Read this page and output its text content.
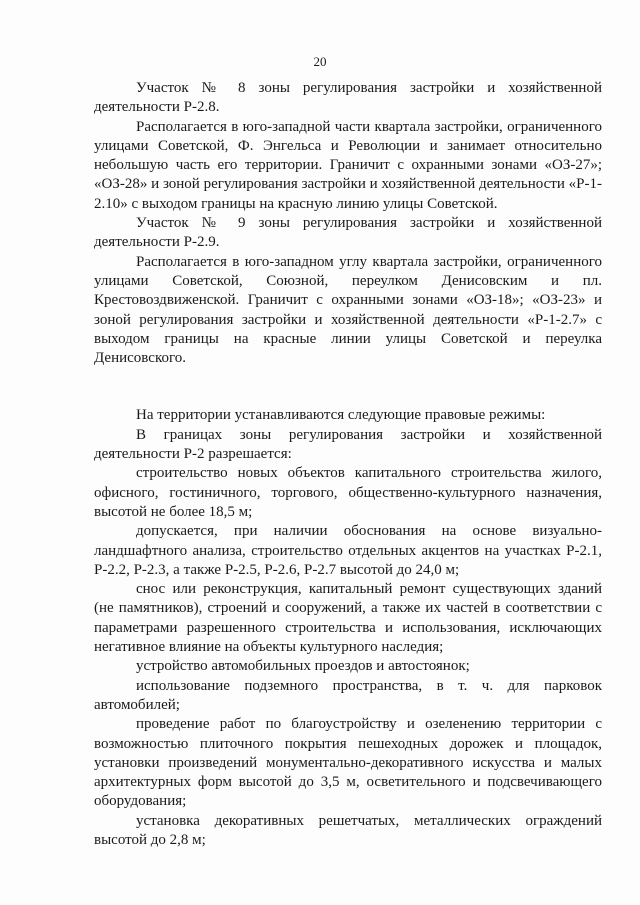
20

Участок № 8 зоны регулирования застройки и хозяйственной деятельности Р-2.8.

Располагается в юго-западной части квартала застройки, ограниченного улицами Советской, Ф. Энгельса и Революции и занимает относительно небольшую часть его территории. Граничит с охранными зонами «ОЗ-27»; «ОЗ-28» и зоной регулирования застройки и хозяйственной деятельности «Р-1-2.10» с выходом границы на красную линию улицы Советской.

Участок № 9 зоны регулирования застройки и хозяйственной деятельности Р-2.9.

Располагается в юго-западном углу квартала застройки, ограниченного улицами Советской, Союзной, переулком Денисовским и пл. Крестовоздвиженской. Граничит с охранными зонами «ОЗ-18»; «ОЗ-23» и зоной регулирования застройки и хозяйственной деятельности «Р-1-2.7» с выходом границы на красные линии улицы Советской и переулка Денисовского.

На территории устанавливаются следующие правовые режимы:

В границах зоны регулирования застройки и хозяйственной деятельности Р-2 разрешается:

строительство новых объектов капитального строительства жилого, офисного, гостиничного, торгового, общественно-культурного назначения, высотой не более 18,5 м;

допускается, при наличии обоснования на основе визуально-ландшафтного анализа, строительство отдельных акцентов на участках Р-2.1, Р-2.2, Р-2.3, а также Р-2.5, Р-2.6, Р-2.7 высотой до 24,0 м;

снос или реконструкция, капитальный ремонт существующих зданий (не памятников), строений и сооружений, а также их частей в соответствии с параметрами разрешенного строительства и использования, исключающих негативное влияние на объекты культурного наследия;

устройство автомобильных проездов и автостоянок;

использование подземного пространства, в т. ч. для парковок автомобилей;

проведение работ по благоустройству и озеленению территории с возможностью плиточного покрытия пешеходных дорожек и площадок, установки произведений монументально-декоративного искусства и малых архитектурных форм высотой до 3,5 м, осветительного и подсвечивающего оборудования;

установка декоративных решетчатых, металлических ограждений высотой до 2,8 м;
